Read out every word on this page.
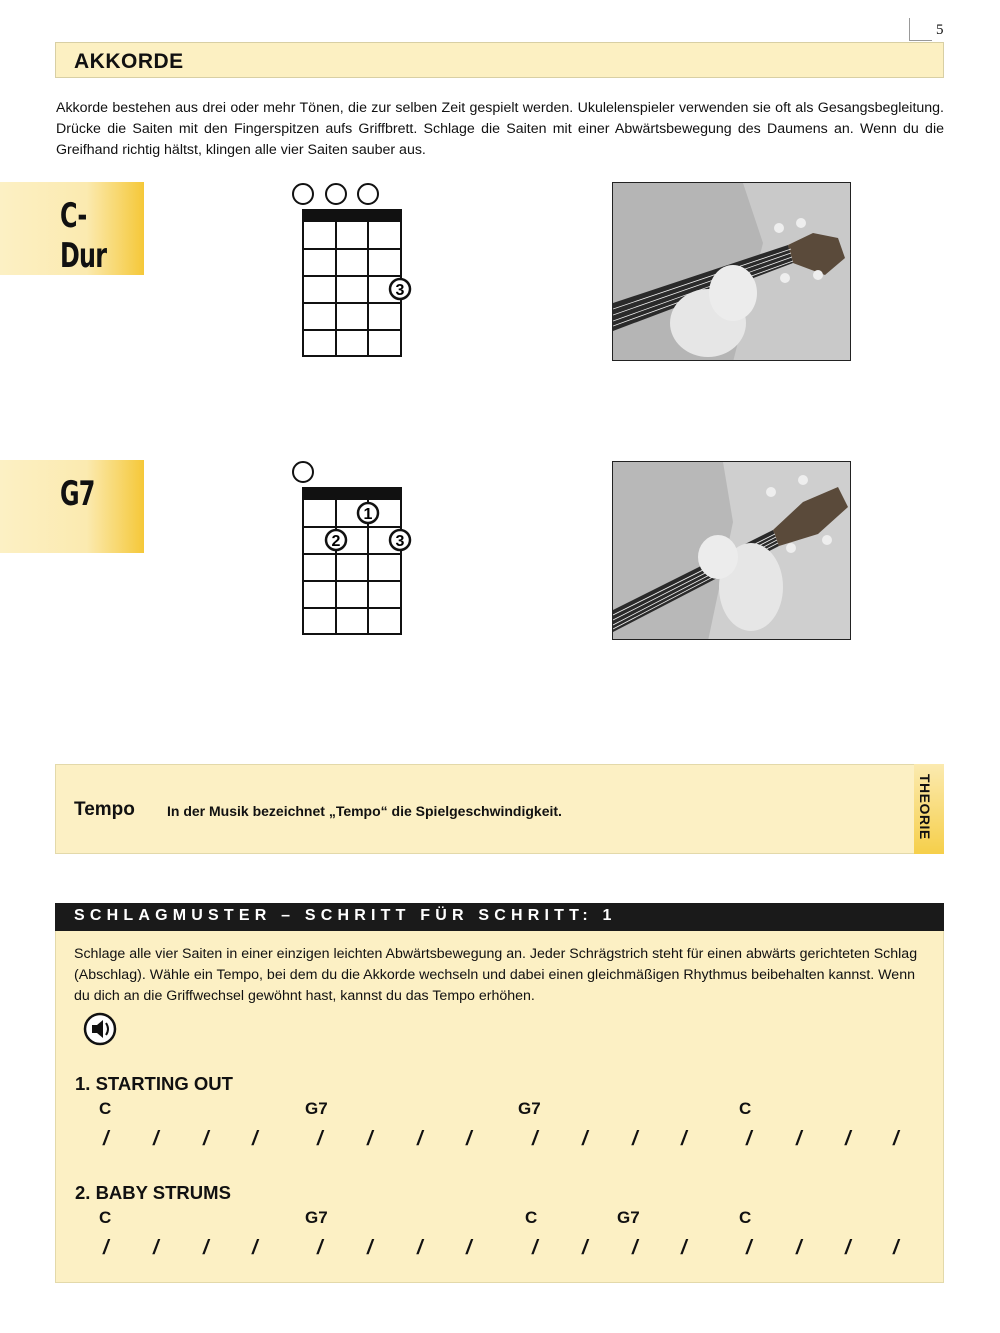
5
AKKORDE
Akkorde bestehen aus drei oder mehr Tönen, die zur selben Zeit gespielt werden. Ukulelenspieler verwenden sie oft als Gesangsbegleitung. Drücke die Saiten mit den Fingerspitzen aufs Griffbrett. Schlage die Saiten mit einer Abwärtsbewegung des Daumens an. Wenn du die Greifhand richtig hältst, klingen alle vier Saiten sauber aus.
C-Dur
3
G7
1
2	3
Tempo In der Musik bezeichnet „Tempo“ die Spielgeschwindigkeit.	THEORIE
SCHLAGMUSTER – SCHRITT FÜR SCHRITT: 1
Schlage alle vier Saiten in einer einzigen leichten Abwärtsbewegung an. Jeder Schrägstrich steht für einen abwärts gerichteten Schlag (Abschlag). Wähle ein Tempo, bei dem du die Akkorde wechseln und dabei einen gleichmäßigen Rhythmus beibehalten kannst. Wenn du dich an die Griffwechsel gewöhnt hast, kannst du das Tempo erhöhen.
1. STARTING OUT
C	G7	G7	C
/ / / /	/ / / /	/ / / /	/ / / /
2. BABY STRUMS
C	G7	C	G7	C
/ / / /	/ / / /	/ / / /	/ / / /
